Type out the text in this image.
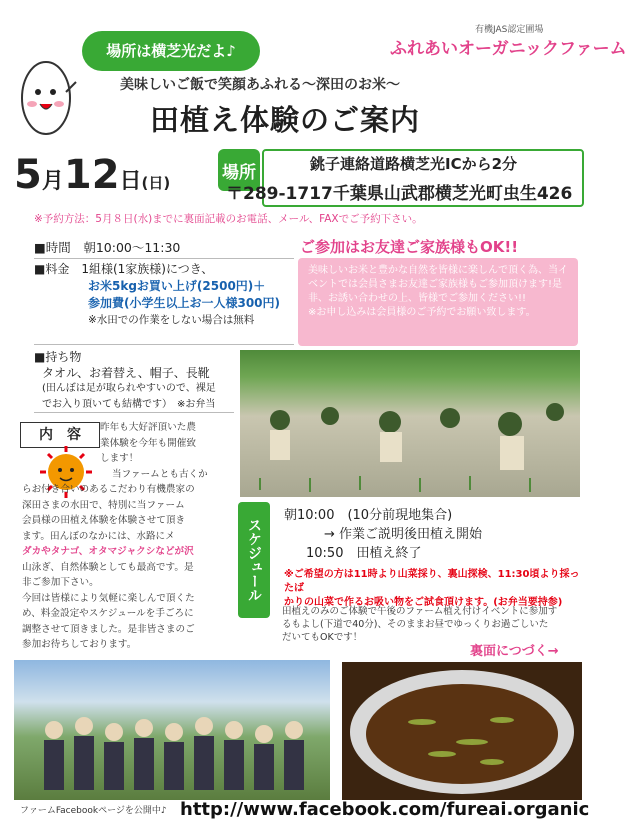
場所は横芝光だよ♪
有機JAS認定圃場
ふれあいオーガニックファーム
美味しいご飯で笑顔あふれる～深田のお米～
田植え体験のご案内
5月12日(日)
場所	銚子連絡道路横芝光ICから2分
〒289-1717千葉県山武郡横芝光町虫生426
※予約方法：5月８日(水)までに裏面記載のお電話、メール、FAXでご予約下さい。
■時間　 朝10:00～11:30
■料金　 1組様(1家族様)につき、
お米5kgお買い上げ(2500円)＋
参加費(小学生以上お一人様300円)
※水田での作業をしない場合は無料
ご参加はお友達ご家族様もOK!!
美味しいお米と豊かな自然を皆様に楽しんで頂く為、当イベントでは会員さまお友達ご家族様もご参加頂けます!是非、お誘い合わせの上、皆様でご参加ください!!
※お申し込みは会員様のご予約でお願い致します。
■持ち物
タオル、お着替え、帽子、長靴
(田んぼは足が取られやすいので、裸足
でお入り頂いても結構です）　※お弁当
内　容	昨年も大好評頂いた農
業体験を今年も開催致
します！
当ファームとも古くか
らお付き合いのあるこだわり有機農家の
深田さまの水田で、特別に当ファーム
会員様の田植え体験を体験させて頂き
ます。田んぼのなかには、水路にメ
ダカやタナゴ、オタマジャクシなどが沢
山泳ぎ、自然体験としても最高です。是
非ご参加下さい。
今回は皆様により気軽に楽しんで頂くた
め、料金設定やスケジュールを手ごろに
調整させて頂きました。是非皆さまのご
参加お待ちしております。
スケジュール
朝10:00　(10分前現地集合)
→ 作業ご説明後田植え開始
10:50　田植え終了
※ご希望の方は11時より山菜採り、裏山探検、11:30頃より採ったば
かりの山菜で作るお吸い物をご試食頂けます。(お弁当要持参)
田植えのみのご体験で午後のファーム植え付けイベントに参加す
るもよし(下道で40分)、そのままお昼でゆっくりお過ごしいた
だいてもOKです！
裏面につづく→
ファームFacebookページを公開中♪ http://www.facebook.com/fureai.organic
